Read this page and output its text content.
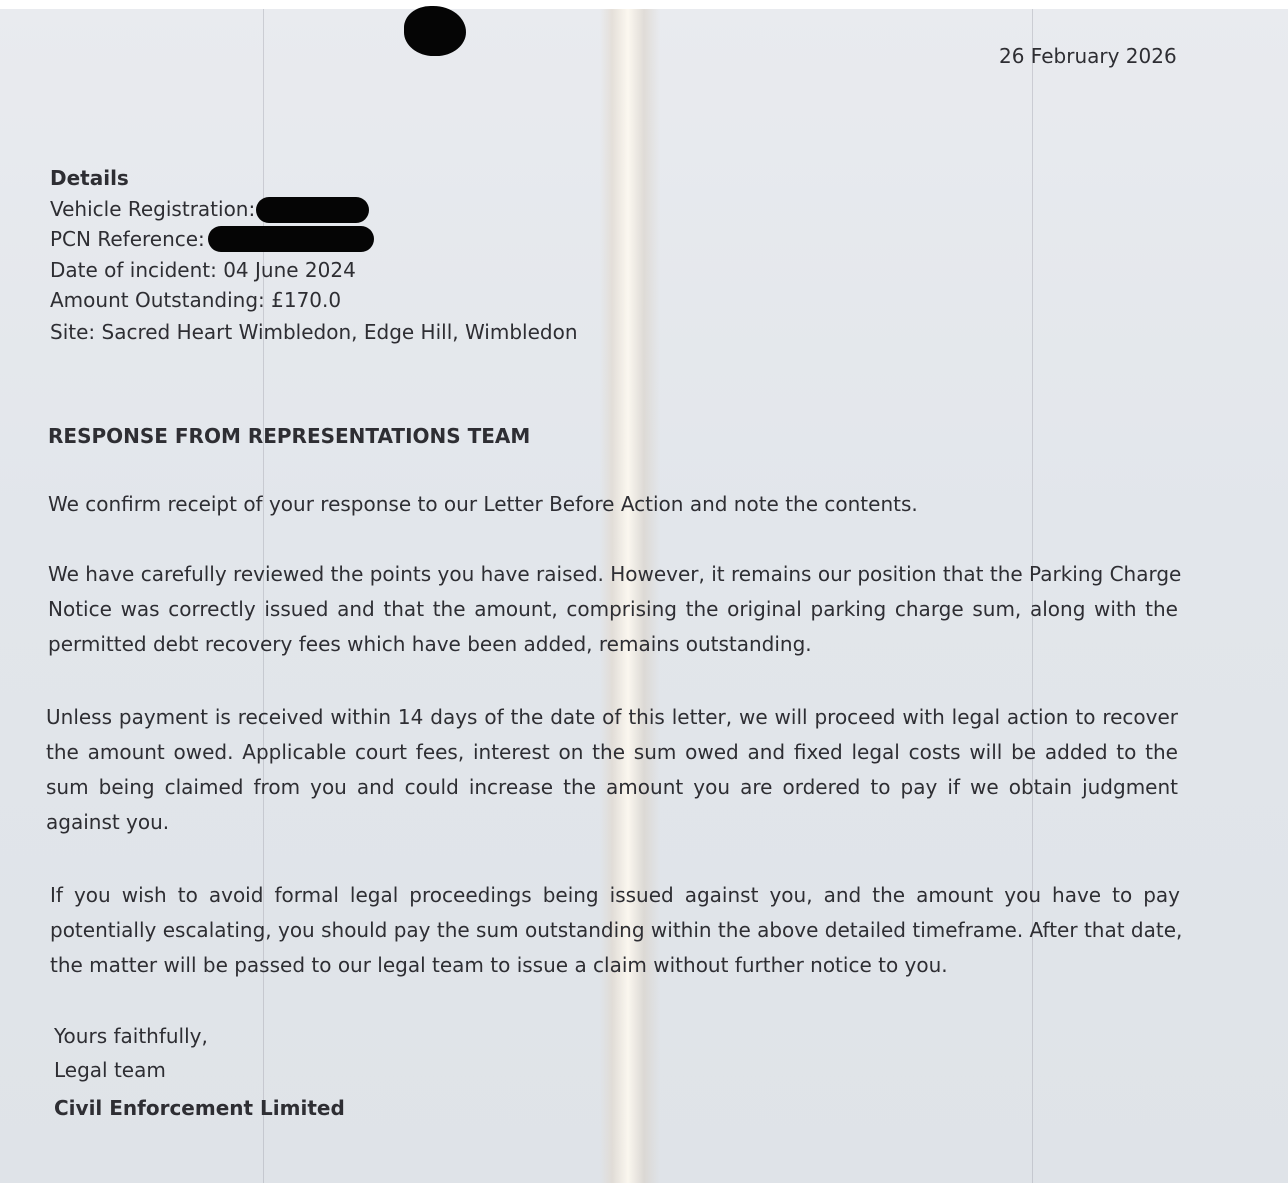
26 February 2026

Details

Vehicle Registration:

PCN Reference:

Date of incident: 04 June 2024

Amount Outstanding: £170.0

Site: Sacred Heart Wimbledon, Edge Hill, Wimbledon

RESPONSE FROM REPRESENTATIONS TEAM

We confirm receipt of your response to our Letter Before Action and note the contents.
We have carefully reviewed the points you have raised. However, it remains our position that the Parking Charge
Notice was correctly issued and that the amount, comprising the original parking charge sum, along with the
permitted debt recovery fees which have been added, remains outstanding.
Unless payment is received within 14 days of the date of this letter, we will proceed with legal action to recover
the amount owed. Applicable court fees, interest on the sum owed and fixed legal costs will be added to the
sum being claimed from you and could increase the amount you are ordered to pay if we obtain judgment
against you.
If you wish to avoid formal legal proceedings being issued against you, and the amount you have to pay
potentially escalating, you should pay the sum outstanding within the above detailed timeframe. After that date,
the matter will be passed to our legal team to issue a claim without further notice to you.

Yours faithfully,

Legal team

Civil Enforcement Limited
